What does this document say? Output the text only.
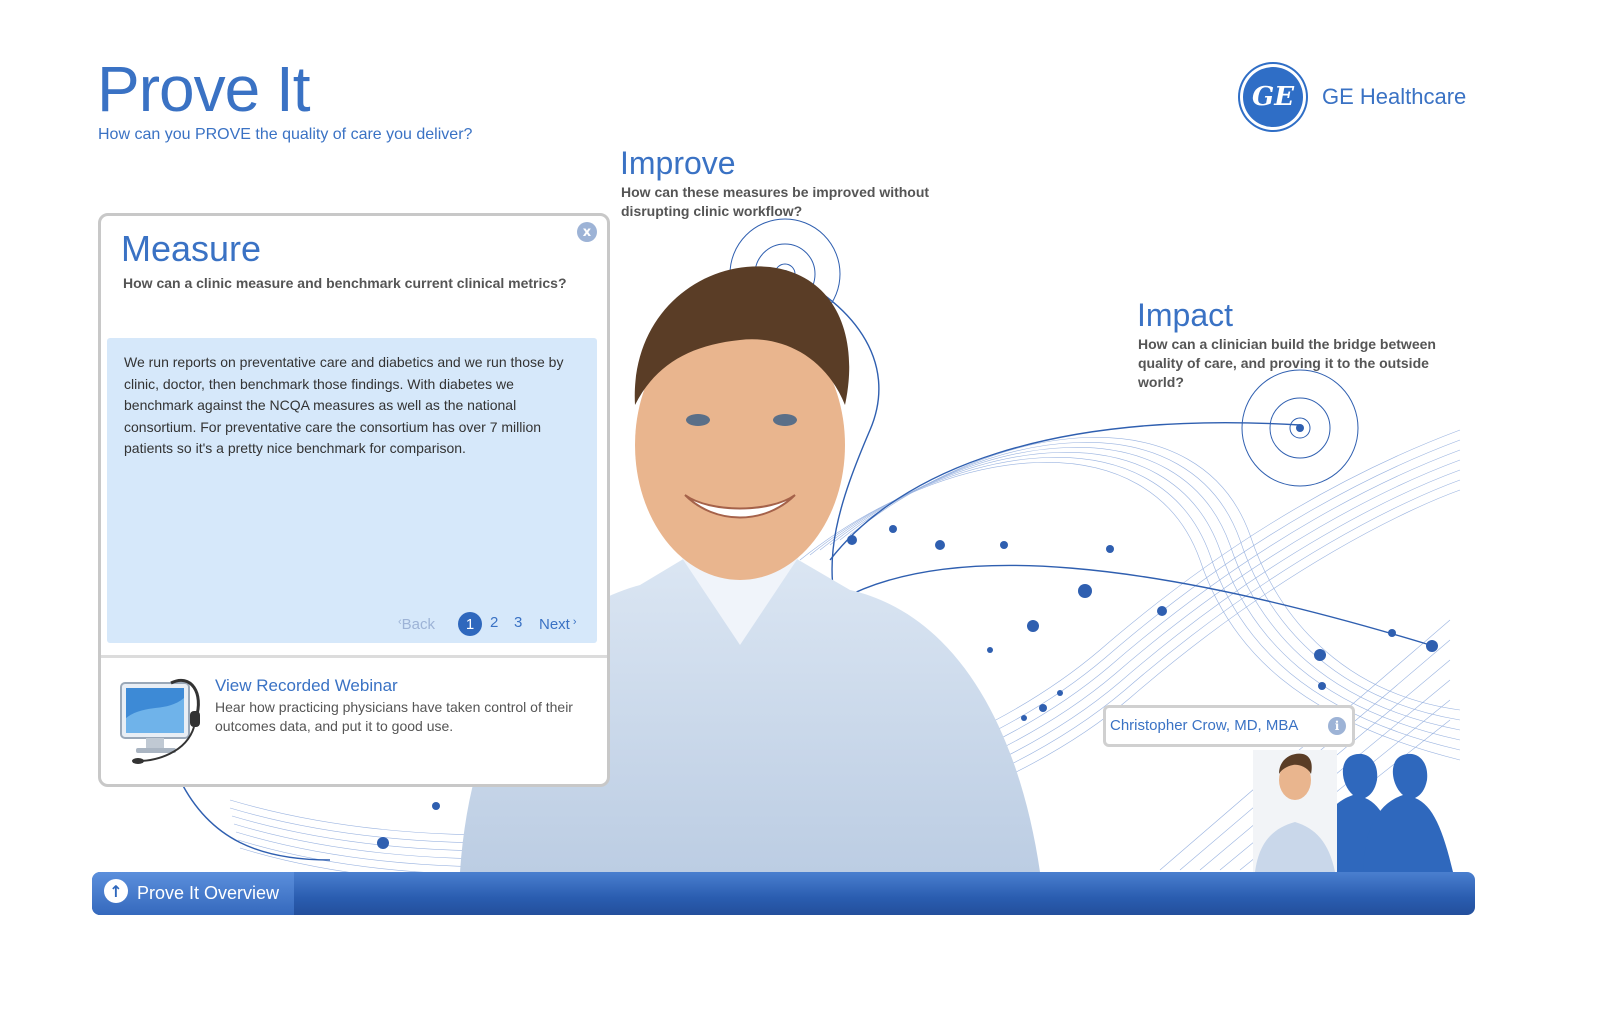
Prove It
How can you PROVE the quality of care you deliver?
GE GE Healthcare
Improve
How can these measures be improved without disrupting clinic workflow?
Impact
How can a clinician build the bridge between quality of care, and proving it to the outside world?
Measure
How can a clinic measure and benchmark current clinical metrics?
x
We run reports on preventative care and diabetics and we run those by clinic, doctor, then benchmark those findings. With diabetes we benchmark against the NCQA measures as well as the national consortium. For preventative care the consortium has over 7 million patients so it's a pretty nice benchmark for comparison.
‹Back	1	2 3 Next ›
View Recorded Webinar
Hear how practicing physicians have taken control of their outcomes data, and put it to good use.	Christopher Crow, MD, MBA	i
↑ Prove It Overview
